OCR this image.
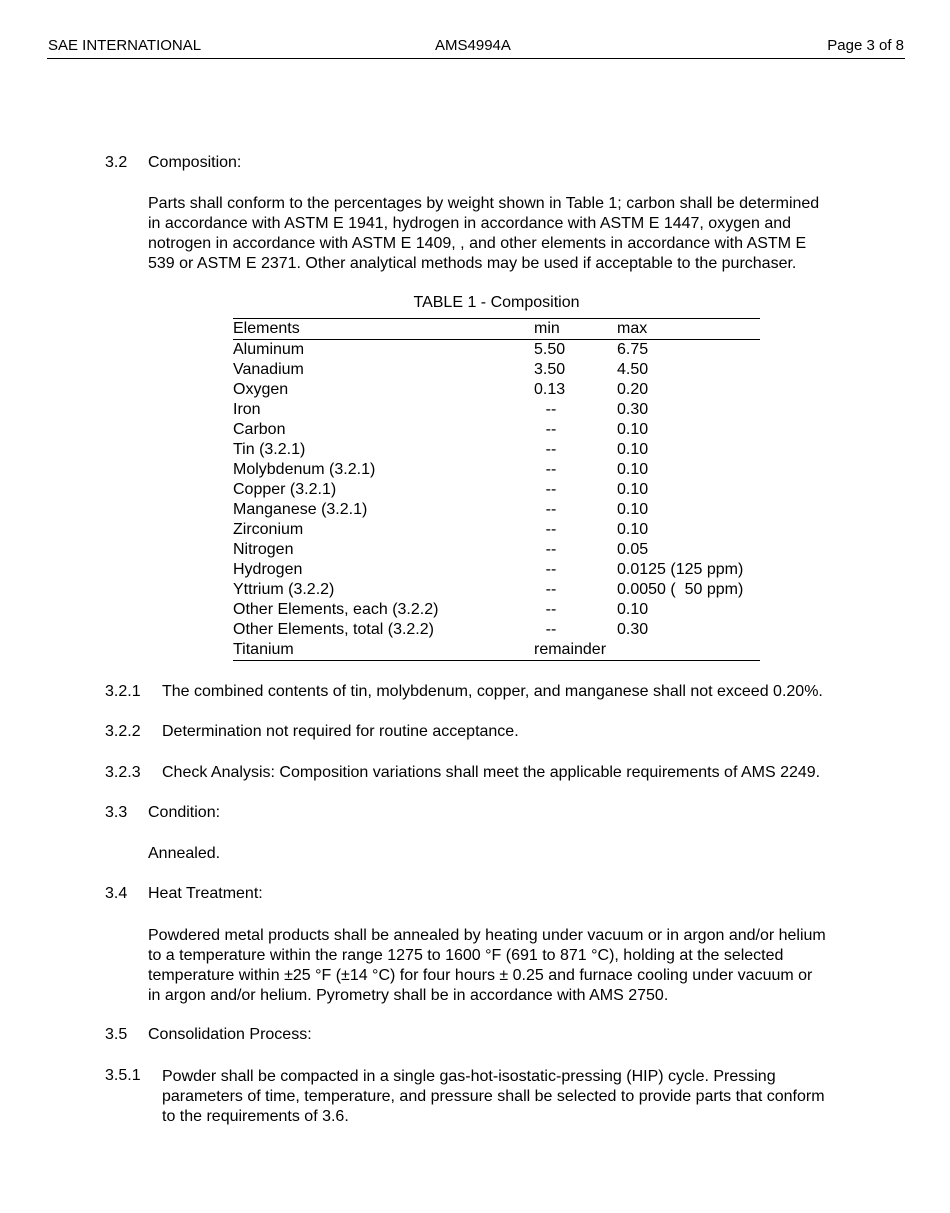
SAE INTERNATIONAL	AMS4994A	Page 3 of 8
3.2 Composition:
Parts shall conform to the percentages by weight shown in Table 1; carbon shall be determined
in accordance with ASTM E 1941, hydrogen in accordance with ASTM E 1447, oxygen and
notrogen in accordance with ASTM E 1409, , and other elements in accordance with ASTM E
539 or ASTM E 2371. Other analytical methods may be used if acceptable to the purchaser.
TABLE 1 - Composition
Elements	min	max
Aluminum	5.50	6.75
Vanadium	3.50	4.50
Oxygen	0.13	0.20
Iron	--	0.30
Carbon	--	0.10
Tin (3.2.1)	--	0.10
Molybdenum (3.2.1)	--	0.10
Copper (3.2.1)	--	0.10
Manganese (3.2.1)	--	0.10
Zirconium	--	0.10
Nitrogen	--	0.05
Hydrogen	--	0.0125 (125 ppm)
Yttrium (3.2.2)	--	0.0050 (  50 ppm)
Other Elements, each (3.2.2)	--	0.10
Other Elements, total (3.2.2)	--	0.30
Titanium	remainder
3.2.1 The combined contents of tin, molybdenum, copper, and manganese shall not exceed 0.20%.
3.2.2 Determination not required for routine acceptance.
3.2.3 Check Analysis: Composition variations shall meet the applicable requirements of AMS 2249.
3.3 Condition:
Annealed.
3.4 Heat Treatment:
Powdered metal products shall be annealed by heating under vacuum or in argon and/or helium
to a temperature within the range 1275 to 1600 °F (691 to 871 °C), holding at the selected
temperature within ±25 °F (±14 °C) for four hours ± 0.25 and furnace cooling under vacuum or
in argon and/or helium. Pyrometry shall be in accordance with AMS 2750.
3.5 Consolidation Process:
3.5.1 Powder shall be compacted in a single gas-hot-isostatic-pressing (HIP) cycle. Pressing
parameters of time, temperature, and pressure shall be selected to provide parts that conform
to the requirements of 3.6.
